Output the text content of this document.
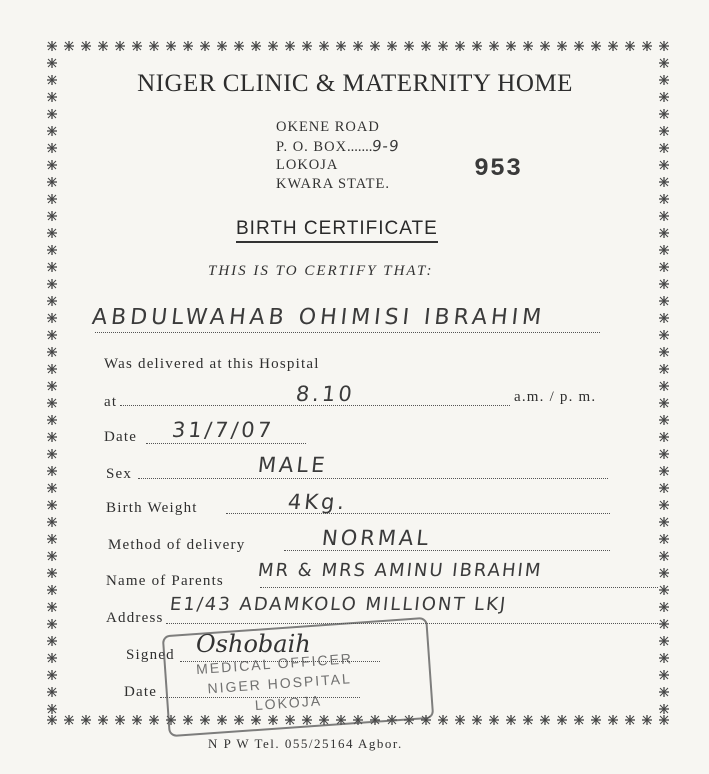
NIGER CLINIC & MATERNITY HOME
OKENE ROAD
P. O. BOX.......9-9
LOKOJA
KWARA STATE.
953
BIRTH CERTIFICATE
THIS IS TO CERTIFY THAT:
ABDULWAHAB OHIMISI IBRAHIM
Was delivered at this Hospital
at	8.10	a.m. / p. m.
Date 31/7/07
Sex	MALE
Birth Weight	4Kg.
Method of delivery	NORMAL
Name of Parents MR & MRS AMINU IBRAHIM
Address
E1/43 ADAMKOLO MILLIONT LKJ
Signed Oshobaih
Date
MEDICAL OFFICER
NIGER HOSPITAL
LOKOJA
N P W Tel. 055/25164 Agbor.
